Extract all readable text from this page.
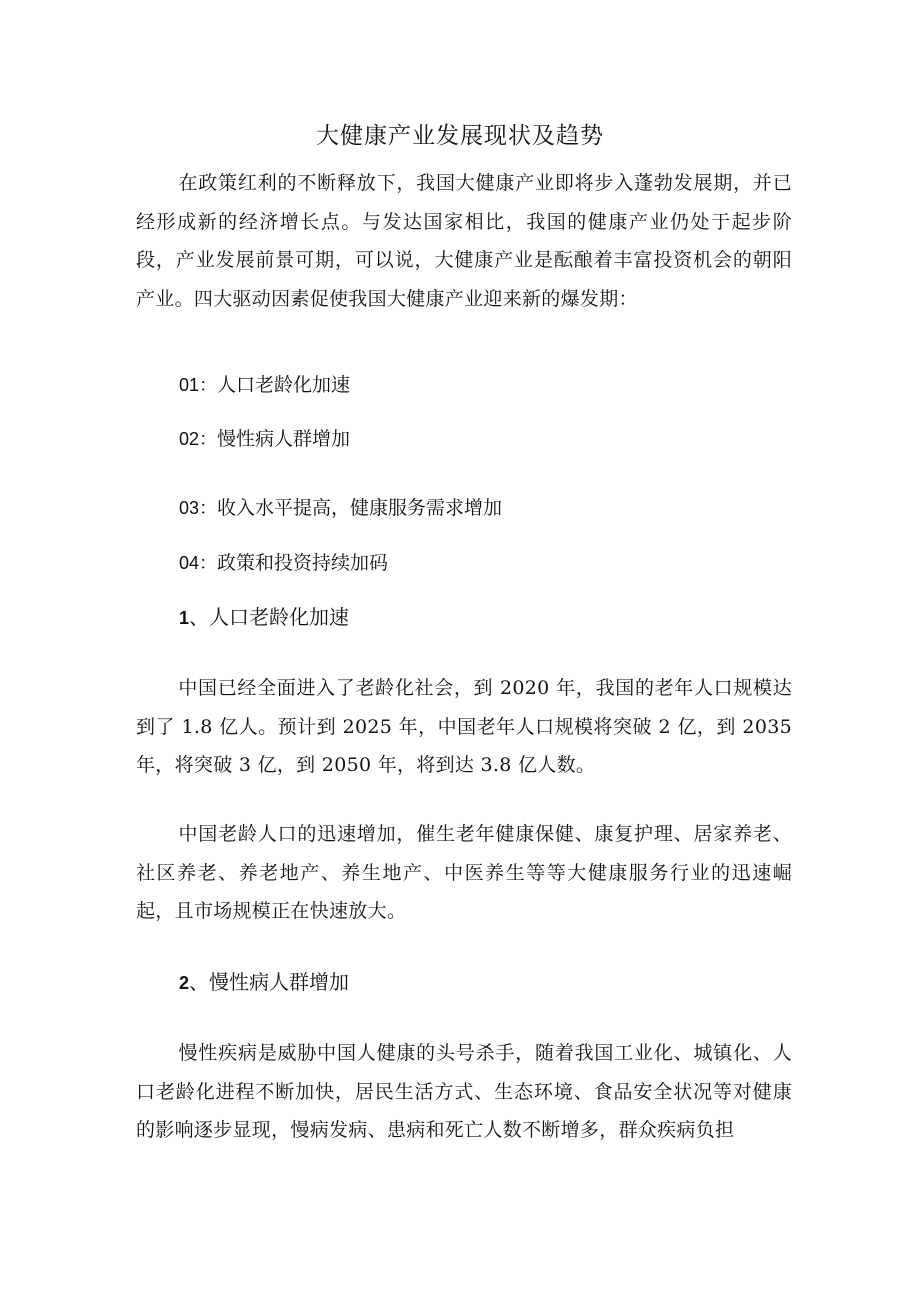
大健康产业发展现状及趋势
在政策红利的不断释放下，我国大健康产业即将步入蓬勃发展期，并已经形成新的经济增长点。与发达国家相比，我国的健康产业仍处于起步阶段，产业发展前景可期，可以说，大健康产业是酝酿着丰富投资机会的朝阳产业。四大驱动因素促使我国大健康产业迎来新的爆发期：
01：人口老龄化加速
02：慢性病人群增加
03：收入水平提高，健康服务需求增加
04：政策和投资持续加码
1、人口老龄化加速
中国已经全面进入了老龄化社会，到 2020 年，我国的老年人口规模达到了 1.8 亿人。预计到 2025 年，中国老年人口规模将突破 2 亿，到 2035 年，将突破 3 亿，到 2050 年，将到达 3.8 亿人数。
中国老龄人口的迅速增加，催生老年健康保健、康复护理、居家养老、社区养老、养老地产、养生地产、中医养生等等大健康服务行业的迅速崛起，且市场规模正在快速放大。
2、慢性病人群增加
慢性疾病是威胁中国人健康的头号杀手，随着我国工业化、城镇化、人口老龄化进程不断加快，居民生活方式、生态环境、食品安全状况等对健康的影响逐步显现，慢病发病、患病和死亡人数不断增多，群众疾病负担
